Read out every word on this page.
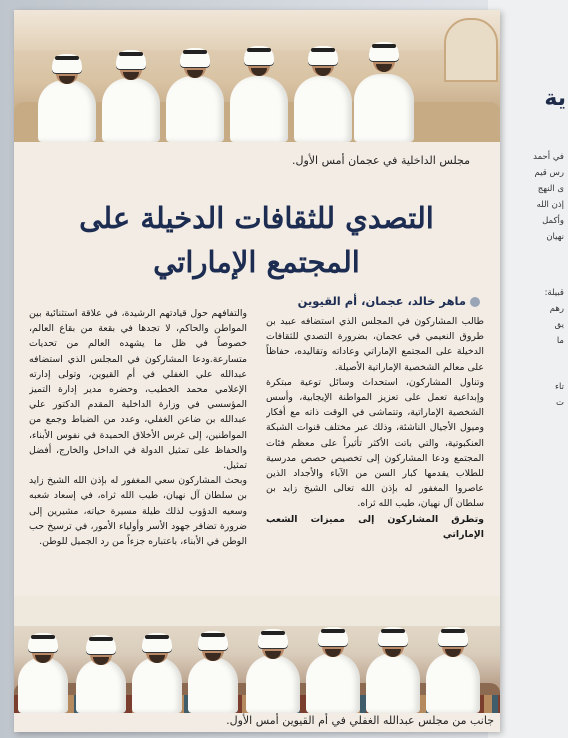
ية
في أحمد
رس قيم
ى النهج
إذن الله
وأكمل
نهيان
قبيلة:
رهم
يق
ما
تاء
ت
مجلس الداخلية في عجمان أمس الأول.
التصدي للثقافات الدخيلة على
المجتمع الإماراتي
ماهر خالد، عجمان، أم القيوين

طالب المشاركون في المجلس الذي استضافه عبيد بن طروق النعيمي في عجمان، بضرورة التصدي للثقافات الدخيلة على المجتمع الإماراتي وعاداته وتقاليده، حفاظاً على معالم الشخصية الإماراتية الأصيلة.

وتناول المشاركون، استحداث وسائل توعية مبتكرة وإبداعية تعمل على تعزيز المواطنة الإيجابية، وأسس الشخصية الإماراتية، وتتماشى في الوقت ذاته مع أفكار وميول الأجيال الناشئة، وذلك عبر مختلف قنوات الشبكة العنكبوتية، والتي باتت الأكثر تأثيراً على معظم فئات المجتمع ودعا المشاركون إلى تخصيص حصص مدرسية للطلاب يقدمها كبار السن من الآباء والأجداد الذين عاصروا المغفور له بإذن الله تعالى الشيخ زايد بن سلطان آل نهيان، طيب الله ثراه.

وتطرق المشاركون إلى مميزات الشعب الإماراتي

والتفافهم حول قيادتهم الرشيدة، في علاقة استثنائية بين المواطن والحاكم، لا تجدها في بقعة من بقاع العالم، خصوصاً في ظل ما يشهده العالم من تحديات متسارعة.ودعا المشاركون في المجلس الذي استضافه عبدالله علي الغفلي في أم القيوين، وتولى إدارته الإعلامي محمد الخطيب، وحضره مدير إدارة التميز المؤسسي في وزارة الداخلية المقدم الدكتور علي عبدالله بن ضاعن الغفلي، وعدد من الضباط وجمع من المواطنين، إلى غرس الأخلاق الحميدة في نفوس الأبناء، والحفاظ على تمثيل الدولة في الداخل والخارج، أفضل تمثيل.

وبحث المشاركون سعي المغفور له بإذن الله الشيخ زايد بن سلطان آل نهيان، طيب الله ثراه، في إسعاد شعبه وسعيه الدؤوب لذلك طيلة مسيرة حياته، مشيرين إلى ضرورة تضافر جهود الأسر وأولياء الأمور، في ترسيخ حب الوطن في الأبناء، باعتباره جزءاً من رد الجميل للوطن.

جانب من مجلس عبدالله الغفلي في أم القيوين أمس الأول.
